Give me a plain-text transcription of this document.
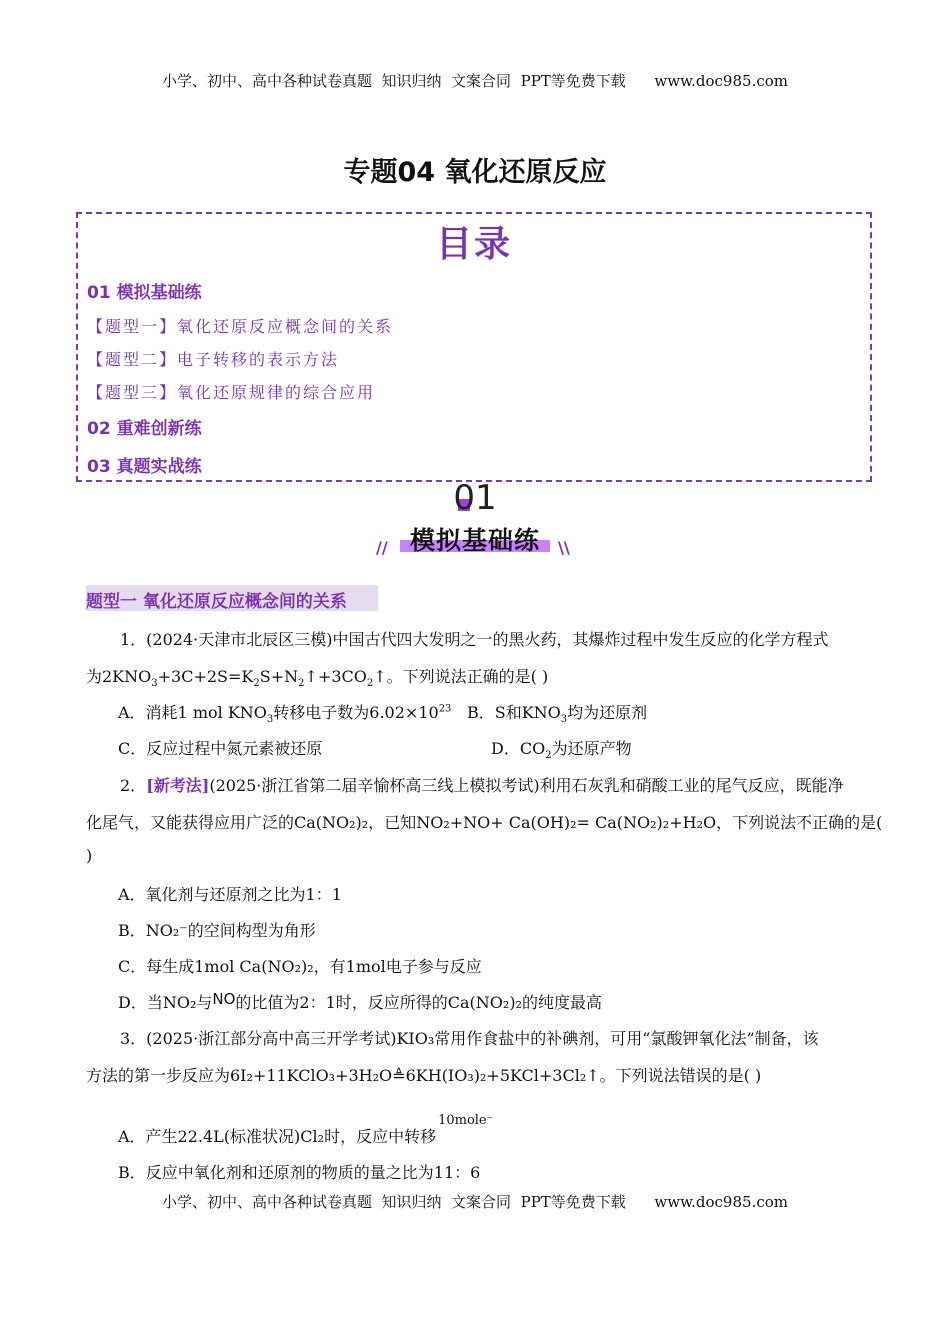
小学、初中、高中各种试卷真题  知识归纳  文案合同  PPT等免费下载      www.doc985.com
专题04 氧化还原反应
目录
01 模拟基础练
【题型一】氧化还原反应概念间的关系
【题型二】电子转移的表示方法
【题型三】氧化还原规律的综合应用
02 重难创新练
03 真题实战练
01
模拟基础练
//	\\
题型一 氧化还原反应概念间的关系
1．(2024·天津市北辰区三模)中国古代四大发明之一的黑火药，其爆炸过程中发生反应的化学方程式
为$2KNO_3+3C+2S=K_2S+N_2↑+3CO_2↑$。下列说法正确的是( )
A．消耗1 mol $KNO_3$转移电子数为$6.02\times 10^{23}$ B．S和$KNO_3$均为还原剂
C．反应过程中氮元素被还原	D．$CO_2$为还原产物
2．[新考法](2025·浙江省第二届辛愉杯高三线上模拟考试)利用石灰乳和硝酸工业的尾气反应，既能净
化尾气，又能获得应用广泛的Ca(NO₂)₂，已知NO₂+NO+ Ca(OH)₂= Ca(NO₂)₂+H₂O，下列说法不正确的是(
)
A．氧化剂与还原剂之比为1：1
B．NO₂⁻的空间构型为角形
C．每生成1mol Ca(NO₂)₂，有1mol电子参与反应
D．当NO₂与NO的比值为2：1时，反应所得的Ca(NO₂)₂的纯度最高
3．(2025·浙江部分高中高三开学考试)KIO₃常用作食盐中的补碘剂，可用“氯酸钾氧化法”制备，该
方法的第一步反应为6I₂+11KClO₃+3H₂O≜6KH(IO₃)₂+5KCl+3Cl₂↑。下列说法错误的是( )
A．产生22.4L(标准状况)Cl₂时，反应中转移$^{10mole^-}$
B．反应中氧化剂和还原剂的物质的量之比为11：6
小学、初中、高中各种试卷真题  知识归纳  文案合同  PPT等免费下载      www.doc985.com
